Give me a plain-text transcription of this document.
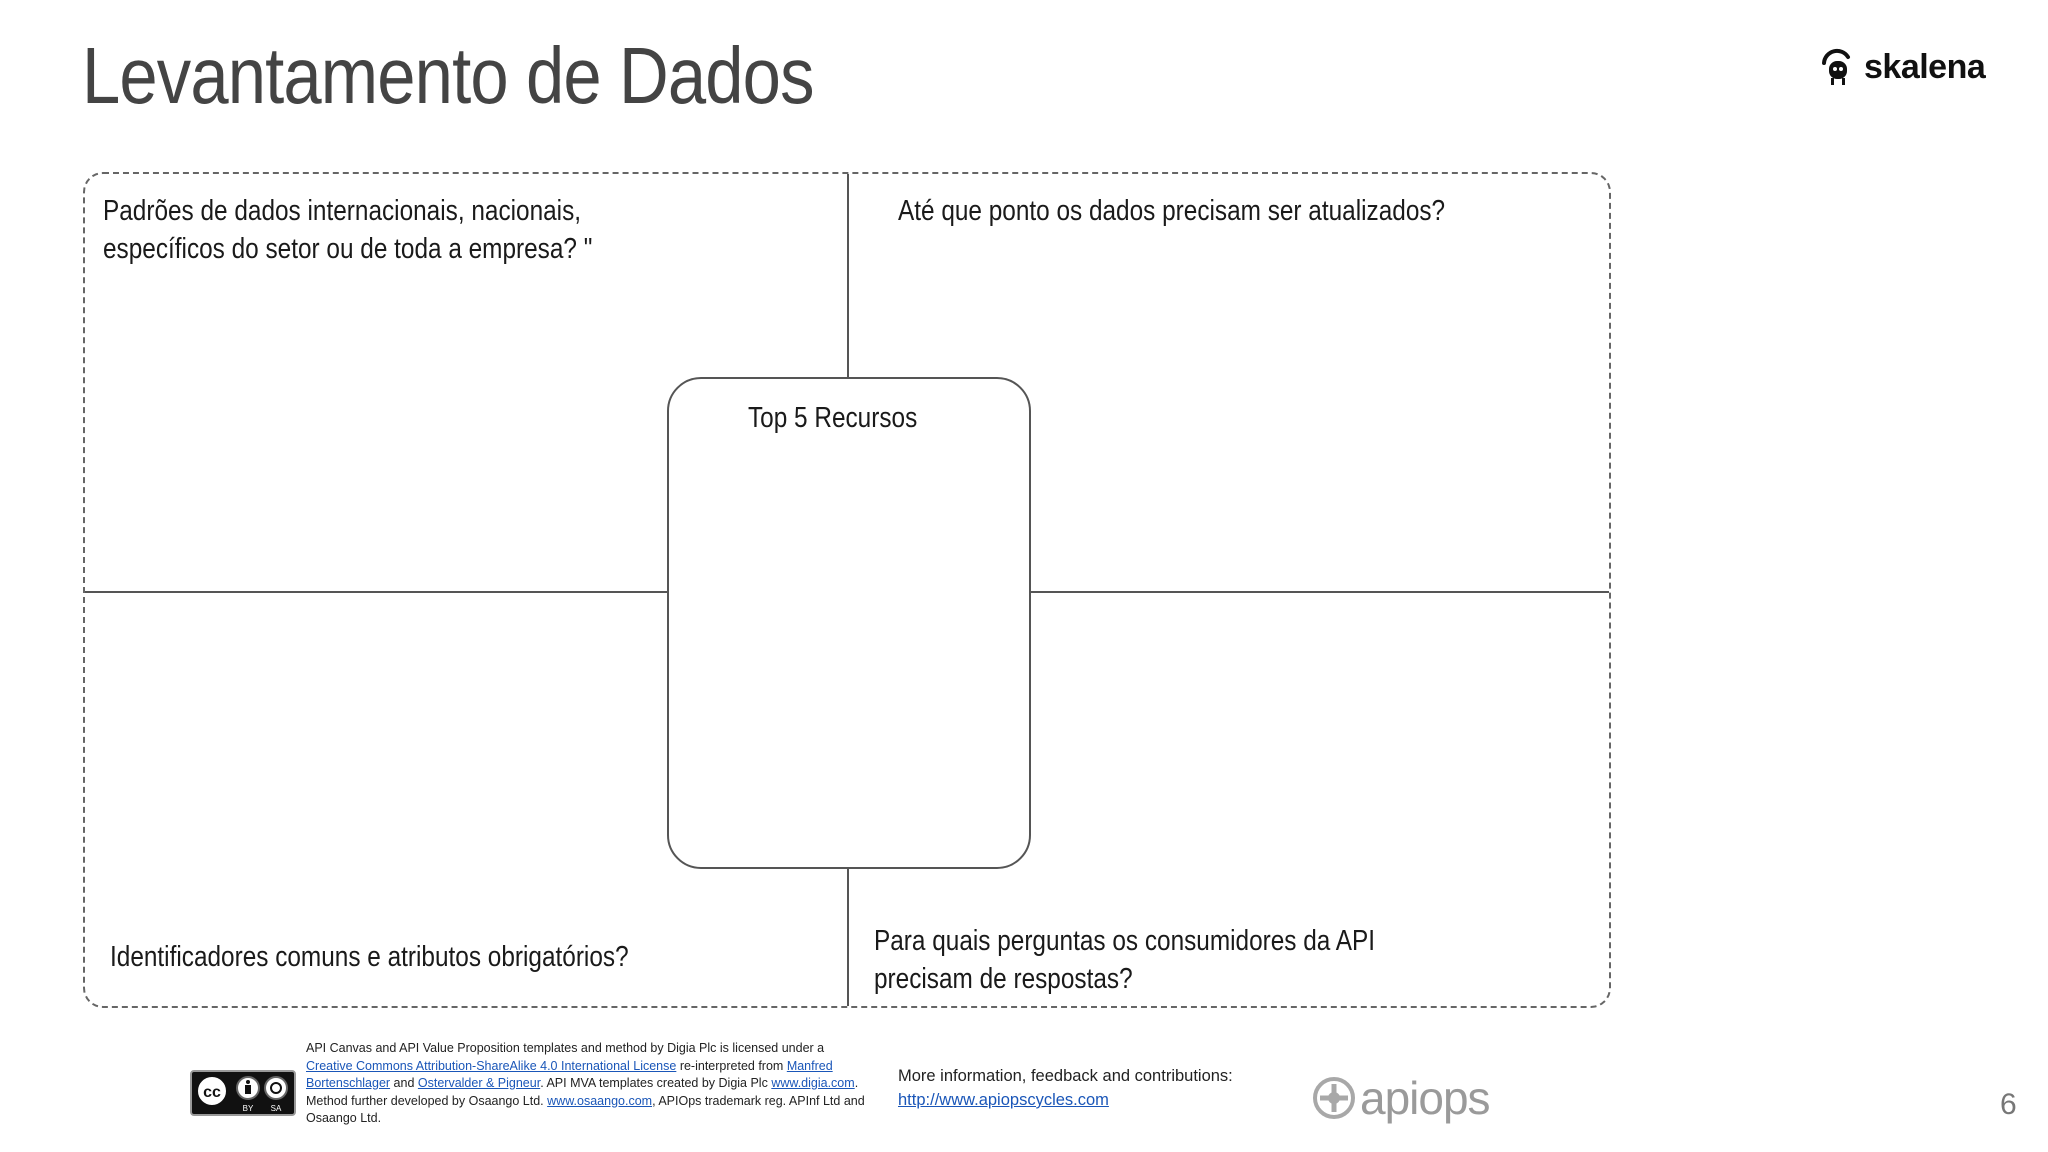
Levantamento de Dados	skalena
Padrões de dados internacionais, nacionais,
específicos do setor ou de toda a empresa? "
Até que ponto os dados precisam ser atualizados?
Top 5 Recursos
Identificadores comuns e atributos obrigatórios?	Para quais perguntas os consumidores da API
precisam de respostas?
cc
BY SA
API Canvas and API Value Proposition templates and method by Digia Plc is licensed under a Creative Commons Attribution-ShareAlike 4.0 International License re-interpreted from Manfred Bortenschlager and Ostervalder & Pigneur. API MVA templates created by Digia Plc www.digia.com. Method further developed by Osaango Ltd. www.osaango.com, APIOps trademark reg. APInf Ltd and Osaango Ltd.
More information, feedback and contributions:
http://www.apiopscycles.com	apiops	6
